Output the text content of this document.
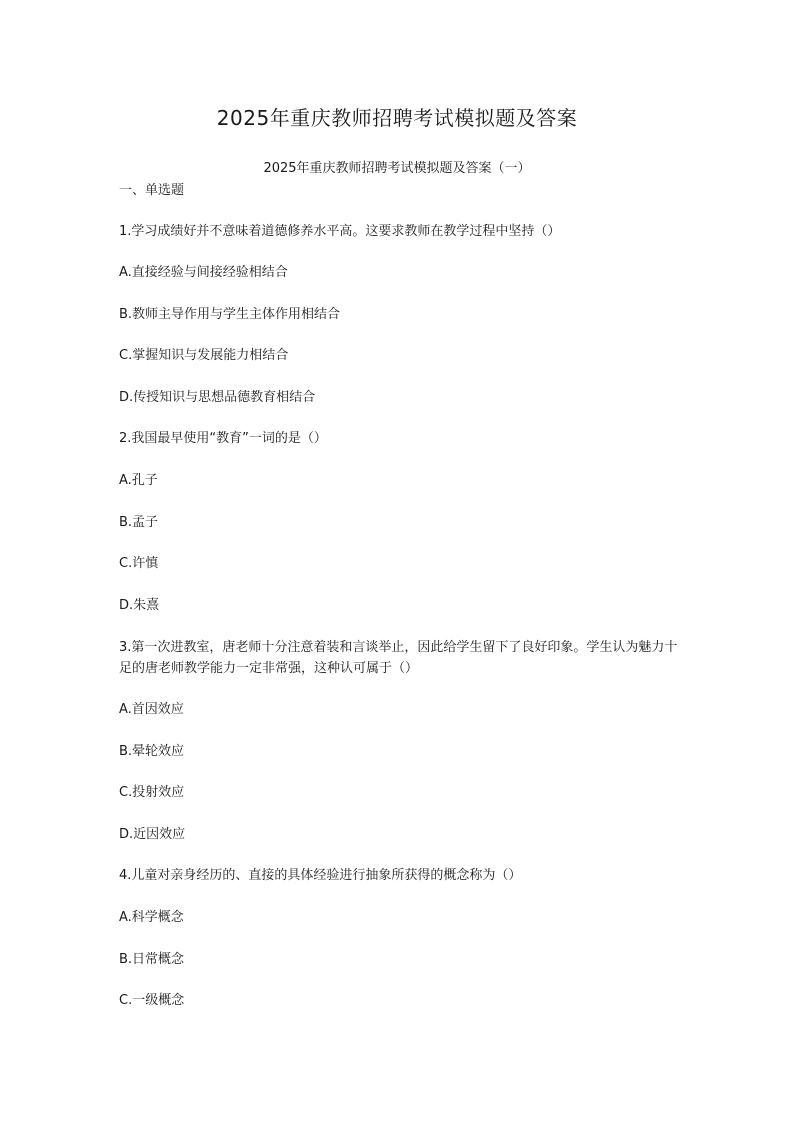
2025年重庆教师招聘考试模拟题及答案
2025年重庆教师招聘考试模拟题及答案（一）

一、单选题

1.学习成绩好并不意味着道德修养水平高。这要求教师在教学过程中坚持（）

A.直接经验与间接经验相结合

B.教师主导作用与学生主体作用相结合

C.掌握知识与发展能力相结合

D.传授知识与思想品德教育相结合

2.我国最早使用“教育”一词的是（）

A.孔子

B.孟子

C.许慎

D.朱熹

3.第一次进教室，唐老师十分注意着装和言谈举止，因此给学生留下了良好印象。学生认为魅力十足的唐老师教学能力一定非常强，这种认可属于（）

A.首因效应

B.晕轮效应

C.投射效应

D.近因效应

4.儿童对亲身经历的、直接的具体经验进行抽象所获得的概念称为（）

A.科学概念

B.日常概念

C.一级概念
